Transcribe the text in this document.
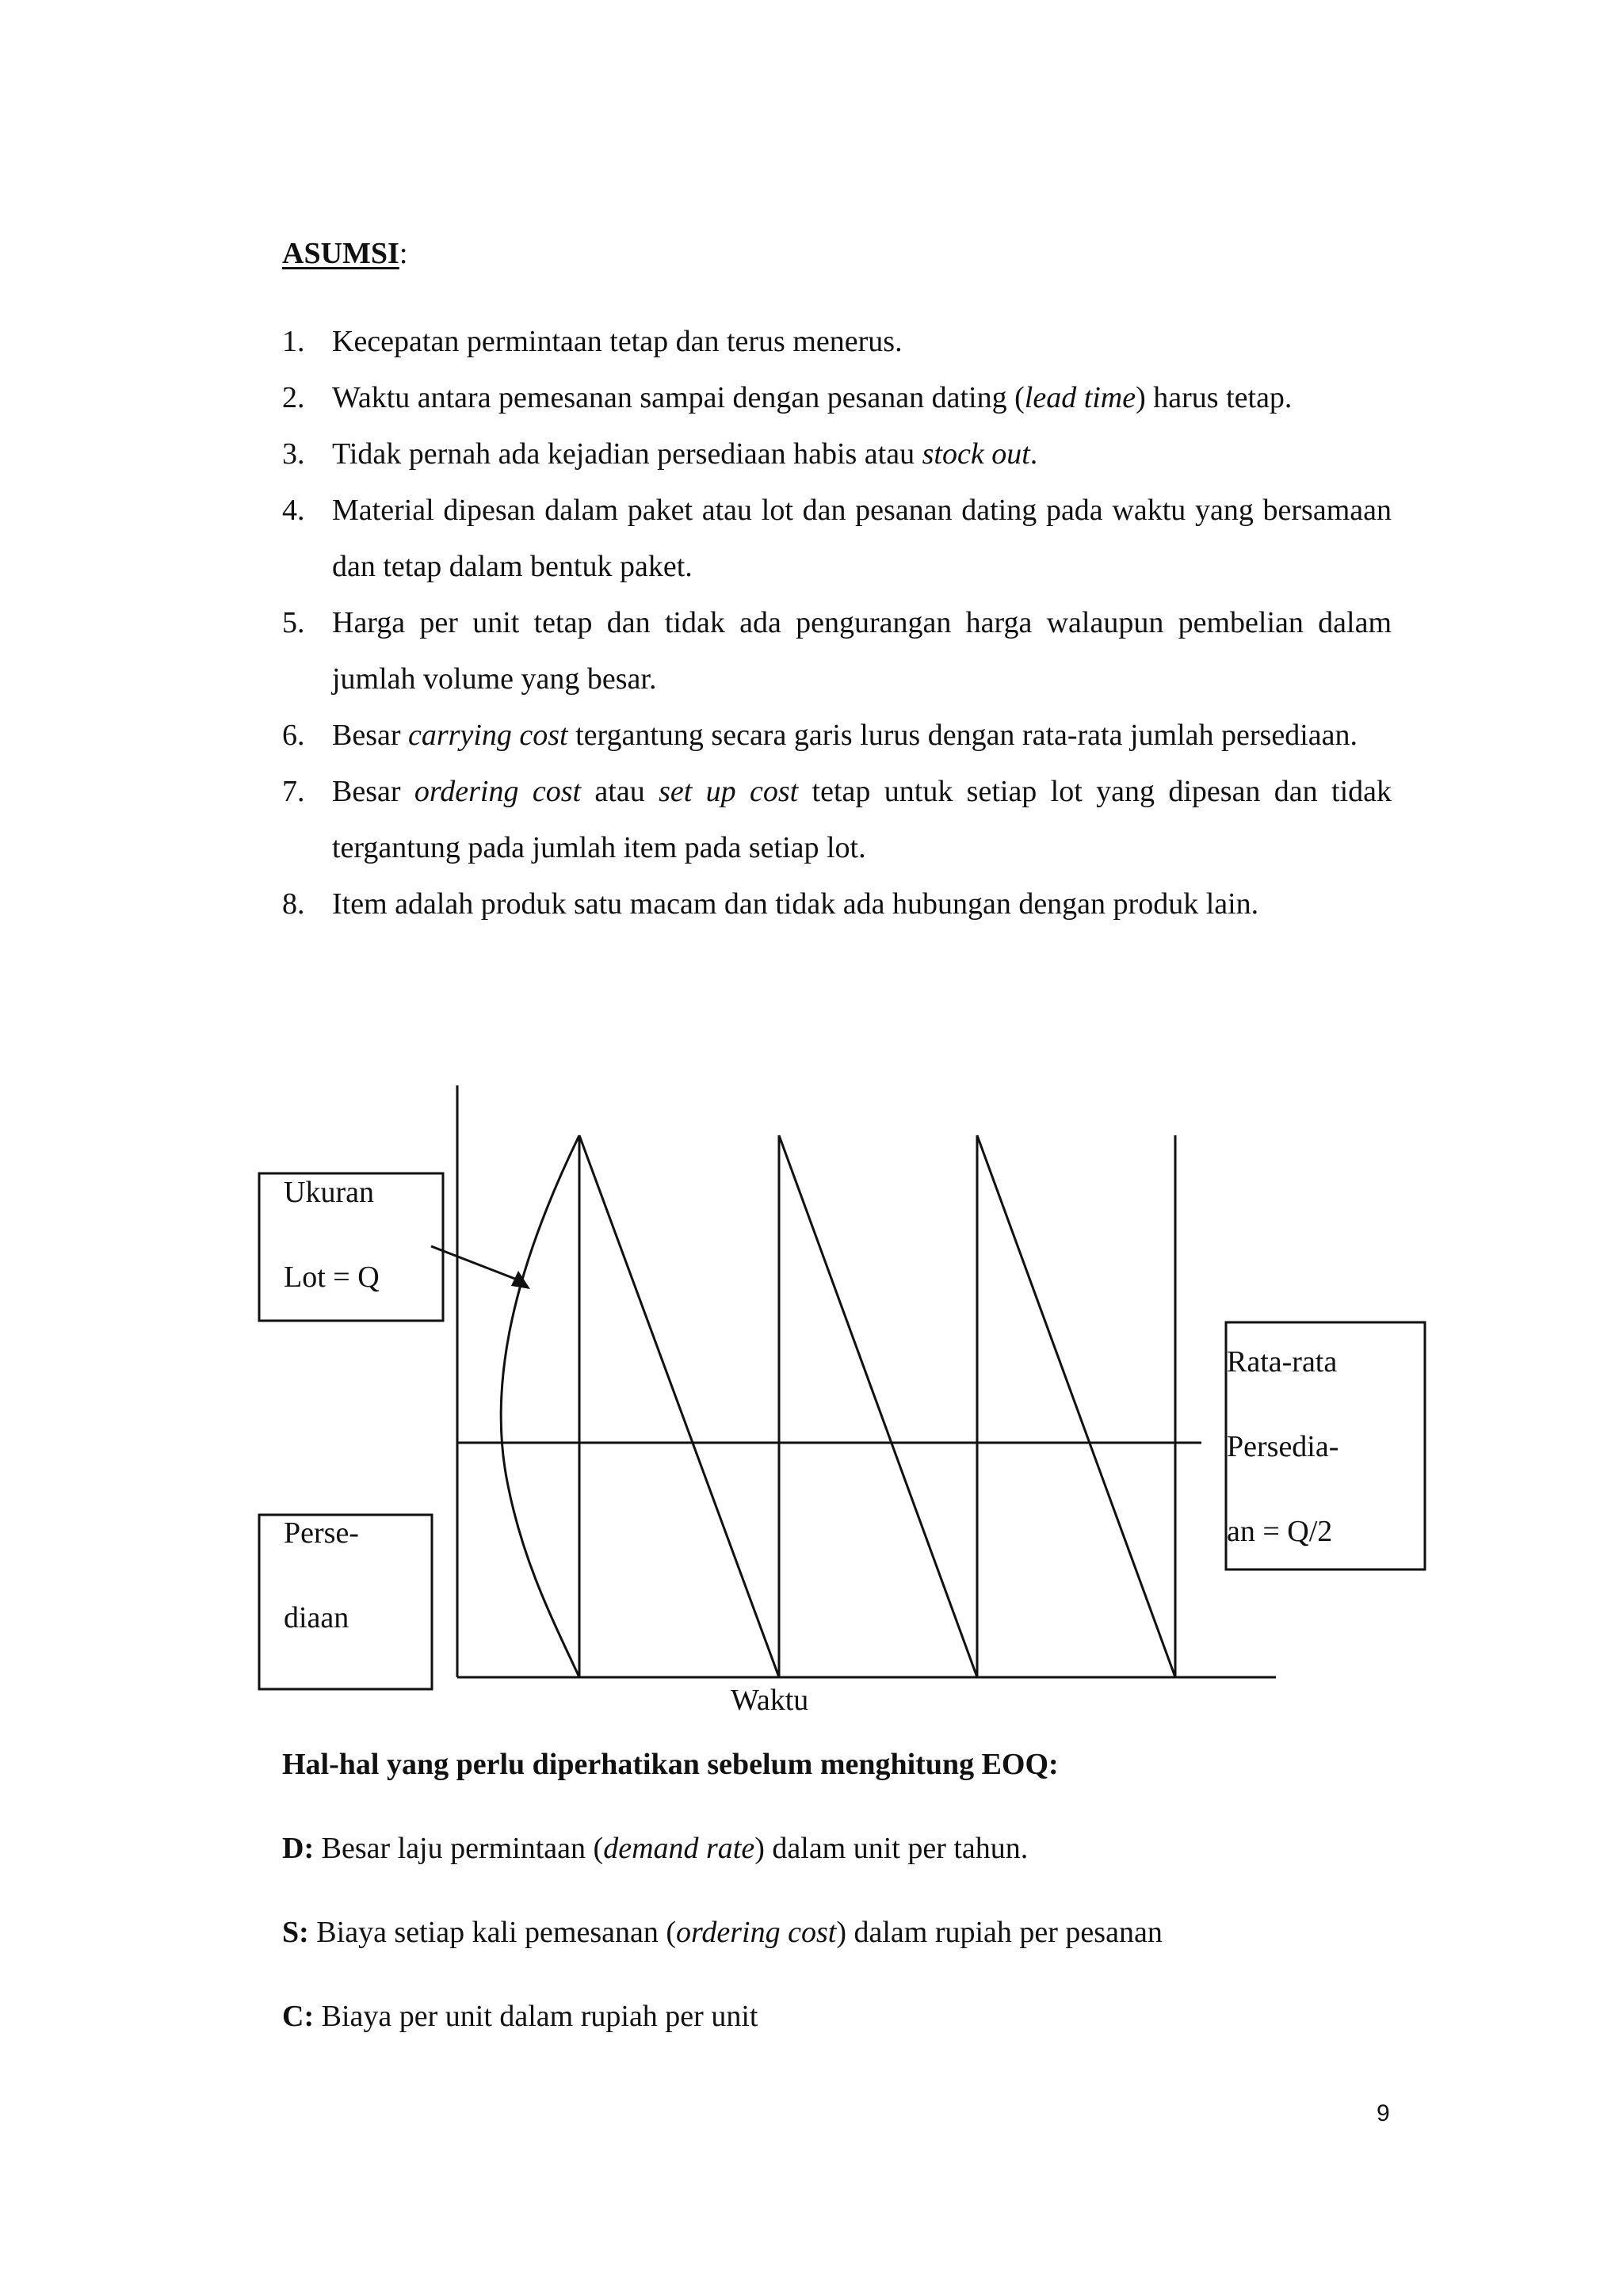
ASUMSI:
1. Kecepatan permintaan tetap dan terus menerus.
2. Waktu antara pemesanan sampai dengan pesanan dating (lead time) harus tetap.
3. Tidak pernah ada kejadian persediaan habis atau stock out.
4. Material dipesan dalam paket atau lot dan pesanan dating pada waktu yang bersamaan dan tetap dalam bentuk paket.
5. Harga per unit tetap dan tidak ada pengurangan harga walaupun pembelian dalam jumlah volume yang besar.
6. Besar carrying cost tergantung secara garis lurus dengan rata-rata jumlah persediaan.
7. Besar ordering cost atau set up cost tetap untuk setiap lot yang dipesan dan tidak tergantung pada jumlah item pada setiap lot.
8. Item adalah produk satu macam dan tidak ada hubungan dengan produk lain.
Ukuran
Lot = Q
Perse-
diaan
Rata-rata
Persedia-
an = Q/2
Waktu
Hal-hal yang perlu diperhatikan sebelum menghitung EOQ:
D: Besar laju permintaan (demand rate) dalam unit per tahun.
S: Biaya setiap kali pemesanan (ordering cost) dalam rupiah per pesanan
C: Biaya per unit dalam rupiah per unit
9
